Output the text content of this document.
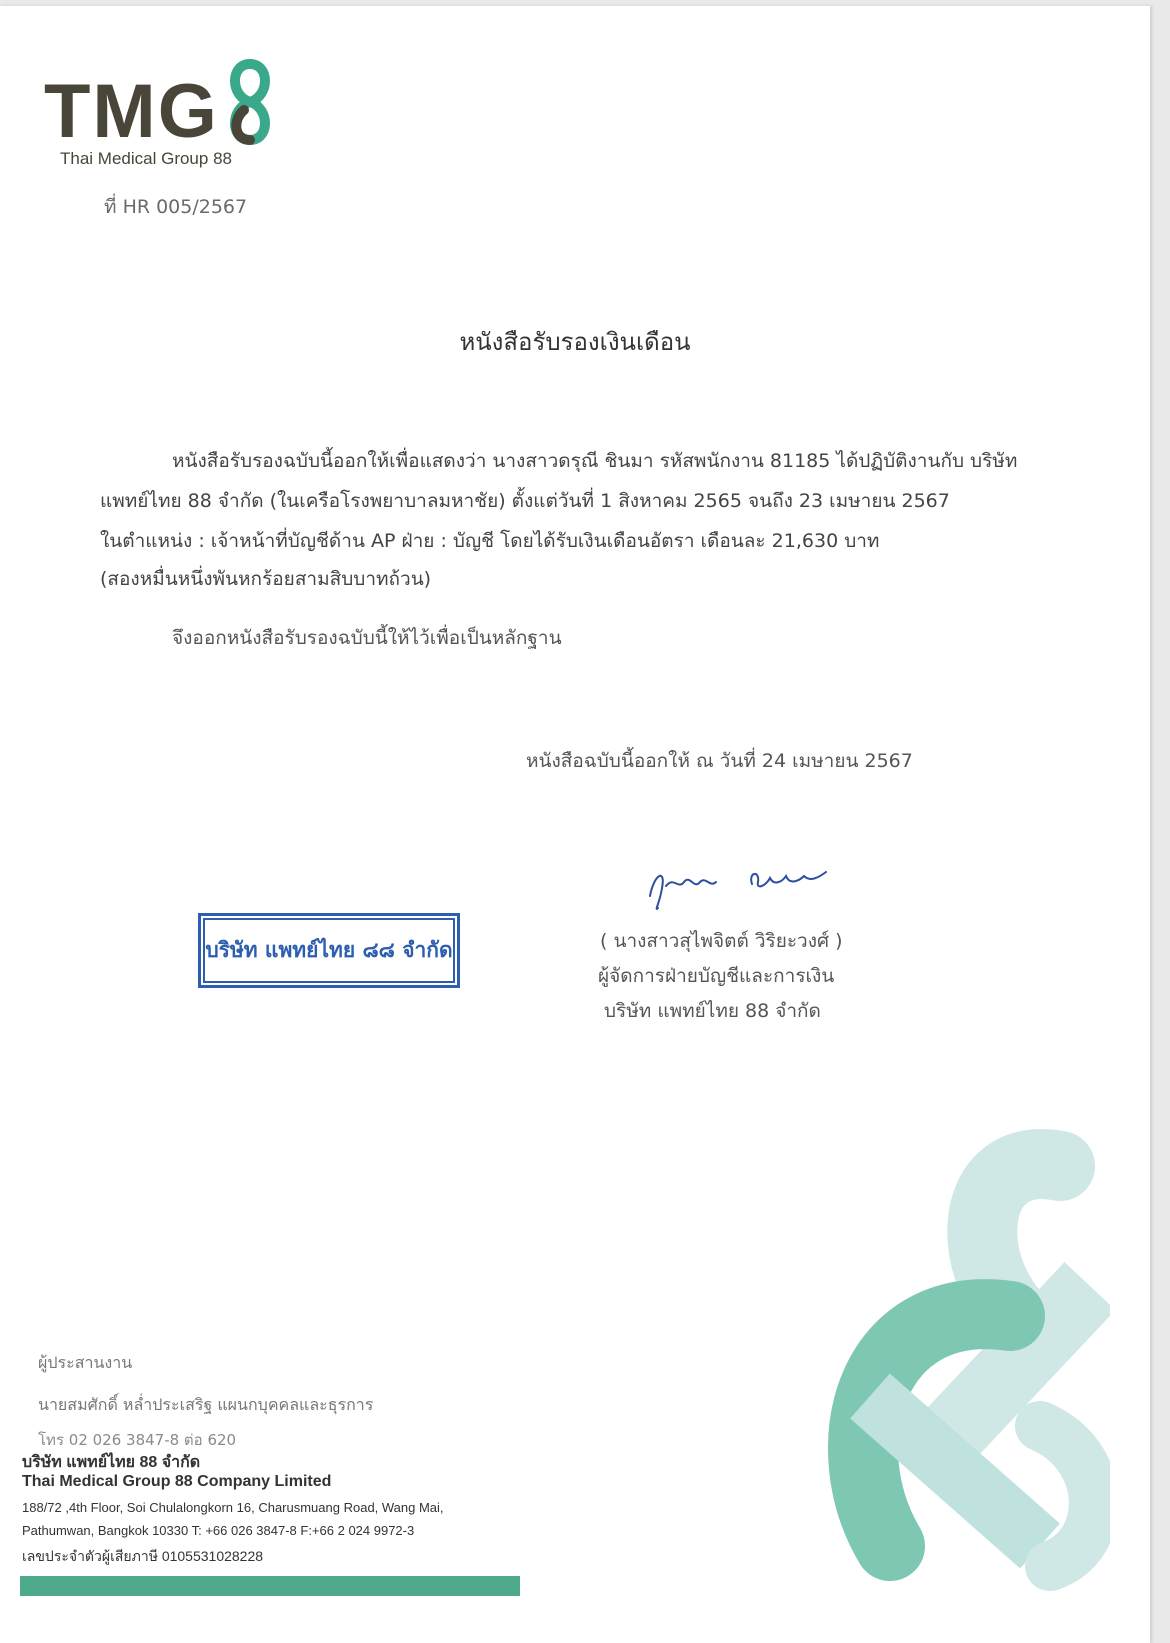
TMG
Thai Medical Group 88
ที่ HR 005/2567
หนังสือรับรองเงินเดือน
หนังสือรับรองฉบับนี้ออกให้เพื่อแสดงว่า นางสาวดรุณี ชินมา รหัสพนักงาน 81185 ได้ปฏิบัติงานกับ บริษัท
แพทย์ไทย 88 จำกัด (ในเครือโรงพยาบาลมหาชัย) ตั้งแต่วันที่ 1 สิงหาคม 2565 จนถึง 23 เมษายน 2567
ในตำแหน่ง : เจ้าหน้าที่บัญชีด้าน AP ฝ่าย : บัญชี โดยได้รับเงินเดือนอัตรา เดือนละ 21,630 บาท
(สองหมื่นหนึ่งพันหกร้อยสามสิบบาทถ้วน)
จึงออกหนังสือรับรองฉบับนี้ให้ไว้เพื่อเป็นหลักฐาน
หนังสือฉบับนี้ออกให้ ณ วันที่ 24 เมษายน 2567
( นางสาวสุไพจิตต์ วิริยะวงศ์ )
ผู้จัดการฝ่ายบัญชีและการเงิน
บริษัท แพทย์ไทย 88 จำกัด
บริษัท แพทย์ไทย ๘๘ จำกัด
ผู้ประสานงาน
นายสมศักดิ์ หล่ำประเสริฐ แผนกบุคคลและธุรการ
โทร 02 026 3847-8 ต่อ 620
บริษัท แพทย์ไทย 88 จำกัด
Thai Medical Group 88 Company Limited
188/72 ,4th Floor, Soi Chulalongkorn 16, Charusmuang Road, Wang Mai,
Pathumwan, Bangkok 10330 T: +66 026 3847-8 F:+66 2 024 9972-3
เลขประจำตัวผู้เสียภาษี 0105531028228
